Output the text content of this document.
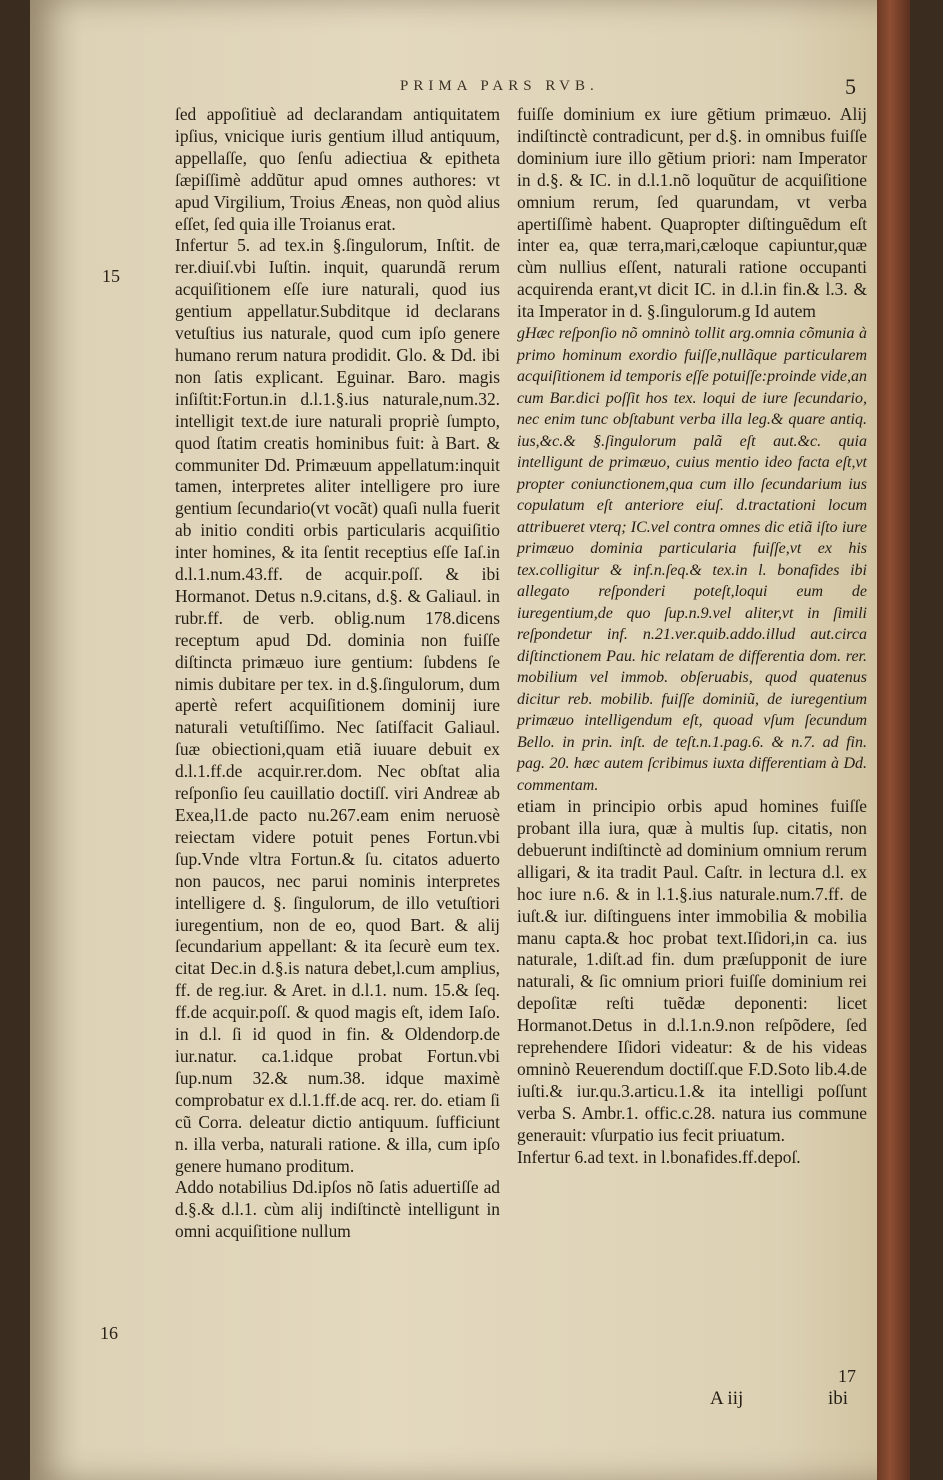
PRIMA PARS RVB.	5
15
16
17

ſed appoſitiuè ad declarandam antiquitatem ipſius, vnicique iuris gentium illud antiquum, appellaſſe, quo ſenſu adiectiua & epitheta ſæpiſſimè addũtur apud omnes authores: vt apud Virgilium, Troius Æneas, non quòd alius eſſet, ſed quia ille Troianus erat.

Infertur 5. ad tex.in §.ſingulorum, Inſtit. de rer.diuiſ.vbi Iuſtin. inquit, quarundã rerum acquiſitionem eſſe iure naturali, quod ius gentium appellatur.Subditque id declarans vetuſtius ius naturale, quod cum ipſo genere humano rerum natura prodidit. Glo. & Dd. ibi non ſatis explicant. Eguinar. Baro. magis inſiſtit:Fortun.in d.l.1.§.ius naturale,num.32. intelligit text.de iure naturali propriè ſumpto, quod ſtatim creatis hominibus fuit: à Bart. & communiter Dd. Primæuum appellatum:inquit tamen, interpretes aliter intelligere pro iure gentium ſecundario(vt vocãt) quaſi nulla fuerit ab initio conditi orbis particularis acquiſitio inter homines, & ita ſentit receptius eſſe Iaſ.in d.l.1.num.43.ff. de acquir.poſſ. & ibi Hormanot. Detus n.9.citans, d.§. & Galiaul. in rubr.ff. de verb. oblig.num 178.dicens receptum apud Dd. dominia non fuiſſe diſtincta primæuo iure gentium: ſubdens ſe nimis dubitare per tex. in d.§.ſingulorum, dum apertè refert acquiſitionem dominij iure naturali vetuſtiſſimo. Nec ſatiſfacit Galiaul. ſuæ obiectioni,quam etiã iuuare debuit ex d.l.1.ff.de acquir.rer.dom. Nec obſtat alia reſponſio ſeu cauillatio doctiſſ. viri Andreæ ab Exea,l1.de pacto nu.267.eam enim neruosè reiectam videre potuit penes Fortun.vbi ſup.Vnde vltra Fortun.& ſu. citatos aduerto non paucos, nec parui nominis interpretes intelligere d. §. ſingulorum, de illo vetuſtiori iuregentium, non de eo, quod Bart. & alij ſecundarium appellant: & ita ſecurè eum tex. citat Dec.in d.§.is natura debet,l.cum amplius, ff. de reg.iur. & Aret. in d.l.1. num. 15.& ſeq. ff.de acquir.poſſ. & quod magis eſt, idem Iaſo. in d.l. ſi id quod in fin. & Oldendorp.de iur.natur. ca.1.idque probat Fortun.vbi ſup.num 32.& num.38. idque maximè comprobatur ex d.l.1.ff.de acq. rer. do. etiam ſi cũ Corra. deleatur dictio antiquum. ſufficiunt n. illa verba, naturali ratione. & illa, cum ipſo genere humano proditum.

Addo notabilius Dd.ipſos nõ ſatis aduertiſſe ad d.§.& d.l.1. cùm alij indiſtinctè intelligunt in omni acquiſitione nullum

fuiſſe dominium ex iure gẽtium primæuo. Alij indiſtinctè contradicunt, per d.§. in omnibus fuiſſe dominium iure illo gẽtium priori: nam Imperator in d.§. & IC. in d.l.1.nõ loquũtur de acquiſitione omnium rerum, ſed quarundam, vt verba apertiſſimè habent. Quapropter diſtinguẽdum eſt inter ea, quæ terra,mari,cæloque capiuntur,quæ cùm nullius eſſent, naturali ratione occupanti acquirenda erant,vt dicit IC. in d.l.in fin.& l.3. & ita Imperator in d. §.ſingulorum.g Id autem

gHæc reſponſio nõ omninò tollit arg.omnia cõmunia à primo hominum exordio fuiſſe,nullãque particularem acquiſitionem id temporis eſſe potuiſſe:proinde vide,an cum Bar.dici poſſit hos tex. loqui de iure ſecundario, nec enim tunc obſtabunt verba illa leg.& quare antiq. ius,&c.& §.ſingulorum palã eſt aut.&c. quia intelligunt de primæuo, cuius mentio ideo facta eſt,vt propter coniunctionem,qua cum illo ſecundarium ius copulatum eſt anteriore eiuſ. d.tractationi locum attribueret vterq; IC.vel contra omnes dic etiã iſto iure primæuo dominia particularia fuiſſe,vt ex his tex.colligitur & inf.n.ſeq.& tex.in l. bonafides ibi allegato reſponderi poteſt,loqui eum de iuregentium,de quo ſup.n.9.vel aliter,vt in ſimili reſpondetur inf. n.21.ver.quib.addo.illud aut.circa diſtinctionem Pau. hic relatam de differentia dom. rer. mobilium vel immob. obſeruabis, quod quatenus dicitur reb. mobilib. fuiſſe dominiũ, de iuregentium primæuo intelligendum eſt, quoad vſum ſecundum Bello. in prin. inſt. de teſt.n.1.pag.6. & n.7. ad fin. pag. 20. hæc autem ſcribimus iuxta differentiam à Dd. commentam.

etiam in principio orbis apud homines fuiſſe probant illa iura, quæ à multis ſup. citatis, non debuerunt indiſtinctè ad dominium omnium rerum alligari, & ita tradit Paul. Caſtr. in lectura d.l. ex hoc iure n.6. & in l.1.§.ius naturale.num.7.ff. de iuſt.& iur. diſtinguens inter immobilia & mobilia manu capta.& hoc probat text.Iſidori,in ca. ius naturale, 1.diſt.ad fin. dum præſupponit de iure naturali, & ſic omnium priori fuiſſe dominium rei depoſitæ reſti tuẽdæ deponenti: licet Hormanot.Detus in d.l.1.n.9.non reſpõdere, ſed reprehendere Iſidori videatur: & de his videas omninò Reuerendum doctiſſ.que F.D.Soto lib.4.de iuſti.& iur.qu.3.articu.1.& ita intelligi poſſunt verba S. Ambr.1. offic.c.28. natura ius commune generauit: vſurpatio ius fecit priuatum.

Infertur 6.ad text. in l.bonafides.ff.depoſ.

A iij	ibi
